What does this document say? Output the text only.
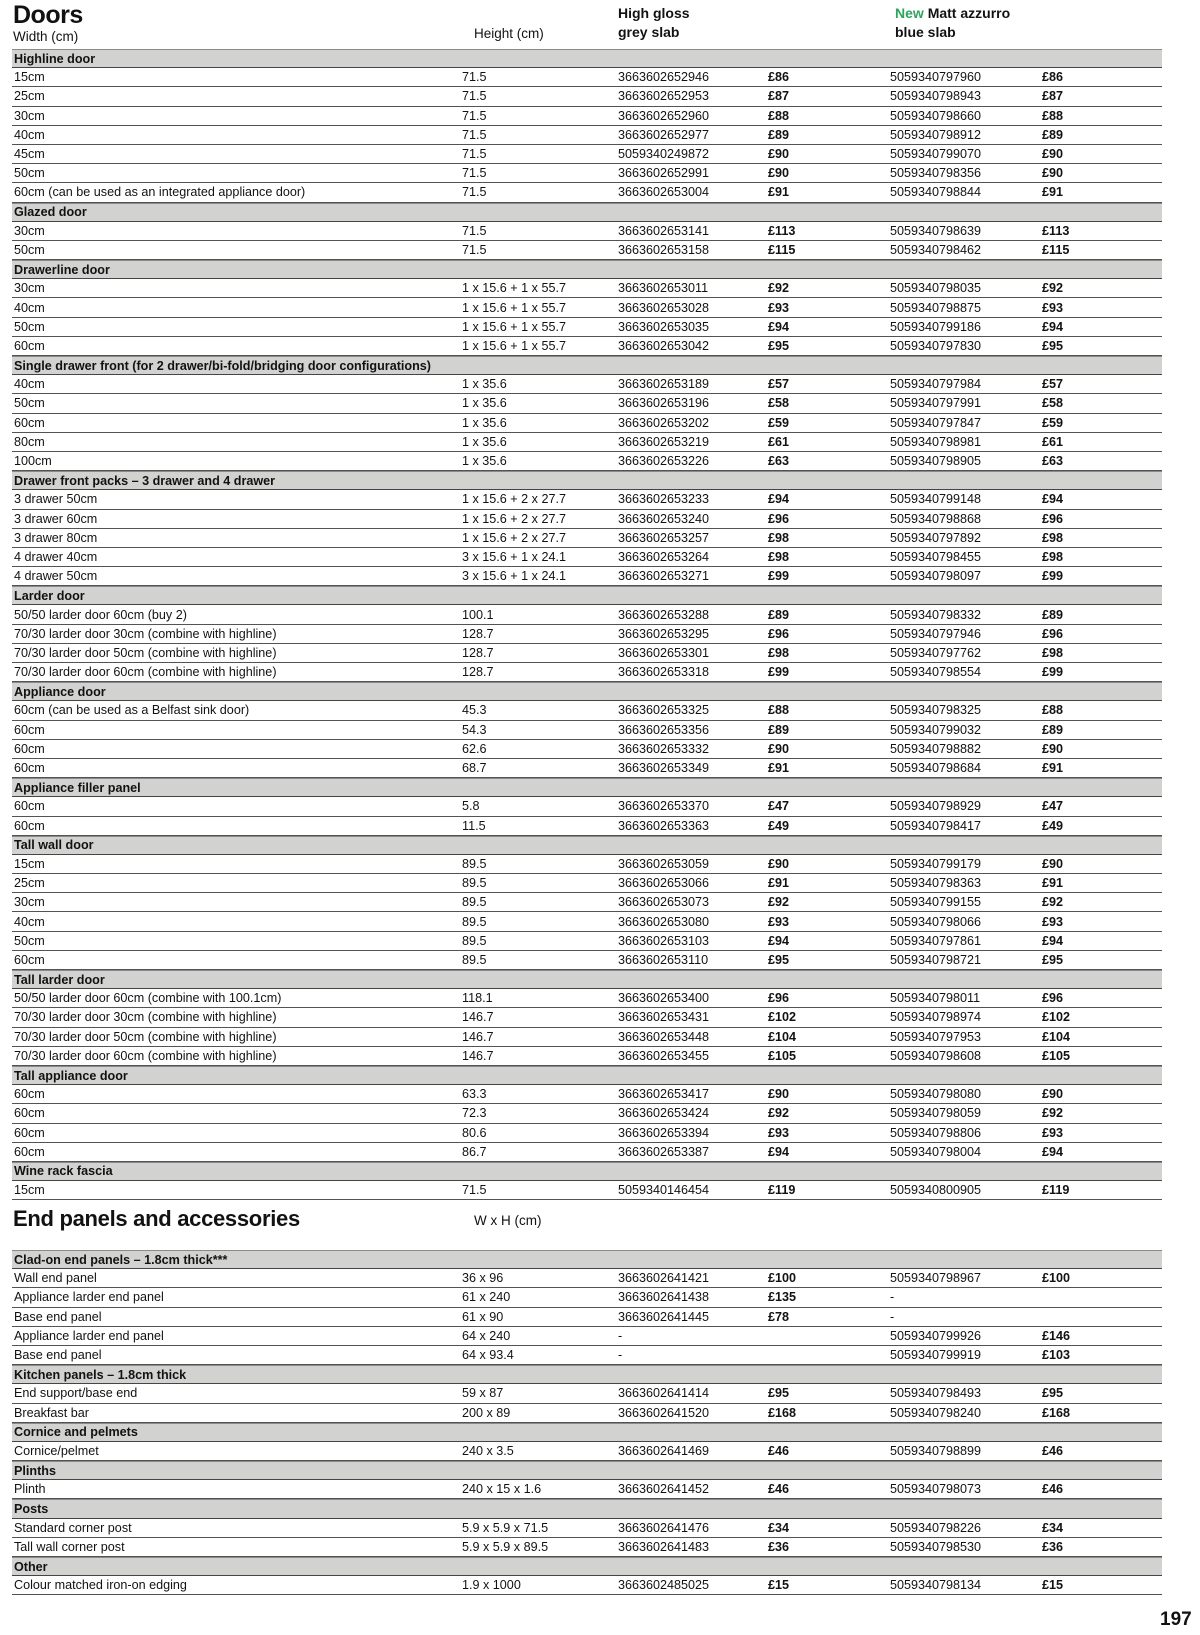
Doors
Width (cm)	Height (cm)
High gloss
grey slab
New Matt azzurro
blue slab
Highline door
15cm	71.5	3663602652946	£86	5059340797960	£86
25cm	71.5	3663602652953	£87	5059340798943	£87
30cm	71.5	3663602652960	£88	5059340798660	£88
40cm	71.5	3663602652977	£89	5059340798912	£89
45cm	71.5	5059340249872	£90	5059340799070	£90
50cm	71.5	3663602652991	£90	5059340798356	£90
60cm (can be used as an integrated appliance door)	71.5	3663602653004	£91	5059340798844	£91
Glazed door
30cm	71.5	3663602653141	£113	5059340798639	£113
50cm	71.5	3663602653158	£115	5059340798462	£115
Drawerline door
30cm	1 x 15.6 + 1 x 55.7	3663602653011	£92	5059340798035	£92
40cm	1 x 15.6 + 1 x 55.7	3663602653028	£93	5059340798875	£93
50cm	1 x 15.6 + 1 x 55.7	3663602653035	£94	5059340799186	£94
60cm	1 x 15.6 + 1 x 55.7	3663602653042	£95	5059340797830	£95
Single drawer front (for 2 drawer/bi-fold/bridging door configurations)
40cm	1 x 35.6	3663602653189	£57	5059340797984	£57
50cm	1 x 35.6	3663602653196	£58	5059340797991	£58
60cm	1 x 35.6	3663602653202	£59	5059340797847	£59
80cm	1 x 35.6	3663602653219	£61	5059340798981	£61
100cm	1 x 35.6	3663602653226	£63	5059340798905	£63
Drawer front packs – 3 drawer and 4 drawer
3 drawer 50cm	1 x 15.6 + 2 x 27.7	3663602653233	£94	5059340799148	£94
3 drawer 60cm	1 x 15.6 + 2 x 27.7	3663602653240	£96	5059340798868	£96
3 drawer 80cm	1 x 15.6 + 2 x 27.7	3663602653257	£98	5059340797892	£98
4 drawer 40cm	3 x 15.6 + 1 x 24.1	3663602653264	£98	5059340798455	£98
4 drawer 50cm	3 x 15.6 + 1 x 24.1	3663602653271	£99	5059340798097	£99
Larder door
50/50 larder door 60cm (buy 2)	100.1	3663602653288	£89	5059340798332	£89
70/30 larder door 30cm (combine with highline)	128.7	3663602653295	£96	5059340797946	£96
70/30 larder door 50cm (combine with highline)	128.7	3663602653301	£98	5059340797762	£98
70/30 larder door 60cm (combine with highline)	128.7	3663602653318	£99	5059340798554	£99
Appliance door
60cm (can be used as a Belfast sink door)	45.3	3663602653325	£88	5059340798325	£88
60cm	54.3	3663602653356	£89	5059340799032	£89
60cm	62.6	3663602653332	£90	5059340798882	£90
60cm	68.7	3663602653349	£91	5059340798684	£91
Appliance filler panel
60cm	5.8	3663602653370	£47	5059340798929	£47
60cm	11.5	3663602653363	£49	5059340798417	£49
Tall wall door
15cm	89.5	3663602653059	£90	5059340799179	£90
25cm	89.5	3663602653066	£91	5059340798363	£91
30cm	89.5	3663602653073	£92	5059340799155	£92
40cm	89.5	3663602653080	£93	5059340798066	£93
50cm	89.5	3663602653103	£94	5059340797861	£94
60cm	89.5	3663602653110	£95	5059340798721	£95
Tall larder door
50/50 larder door 60cm (combine with 100.1cm)	118.1	3663602653400	£96	5059340798011	£96
70/30 larder door 30cm (combine with highline)	146.7	3663602653431	£102	5059340798974	£102
70/30 larder door 50cm (combine with highline)	146.7	3663602653448	£104	5059340797953	£104
70/30 larder door 60cm (combine with highline)	146.7	3663602653455	£105	5059340798608	£105
Tall appliance door
60cm	63.3	3663602653417	£90	5059340798080	£90
60cm	72.3	3663602653424	£92	5059340798059	£92
60cm	80.6	3663602653394	£93	5059340798806	£93
60cm	86.7	3663602653387	£94	5059340798004	£94
Wine rack fascia
15cm	71.5	5059340146454	£119	5059340800905	£119
End panels and accessories	W x H (cm)
Clad-on end panels – 1.8cm thick***
Wall end panel	36 x 96	3663602641421	£100	5059340798967	£100
Appliance larder end panel	61 x 240	3663602641438	£135	-
Base end panel	61 x 90	3663602641445	£78	-
Appliance larder end panel	64 x 240	-	5059340799926	£146
Base end panel	64 x 93.4	-	5059340799919	£103
Kitchen panels – 1.8cm thick
End support/base end	59 x 87	3663602641414	£95	5059340798493	£95
Breakfast bar	200 x 89	3663602641520	£168	5059340798240	£168
Cornice and pelmets
Cornice/pelmet	240 x 3.5	3663602641469	£46	5059340798899	£46
Plinths
Plinth	240 x 15 x 1.6	3663602641452	£46	5059340798073	£46
Posts
Standard corner post	5.9 x 5.9 x 71.5	3663602641476	£34	5059340798226	£34
Tall wall corner post	5.9 x 5.9 x 89.5	3663602641483	£36	5059340798530	£36
Other
Colour matched iron-on edging	1.9 x 1000	3663602485025	£15	5059340798134	£15
197
